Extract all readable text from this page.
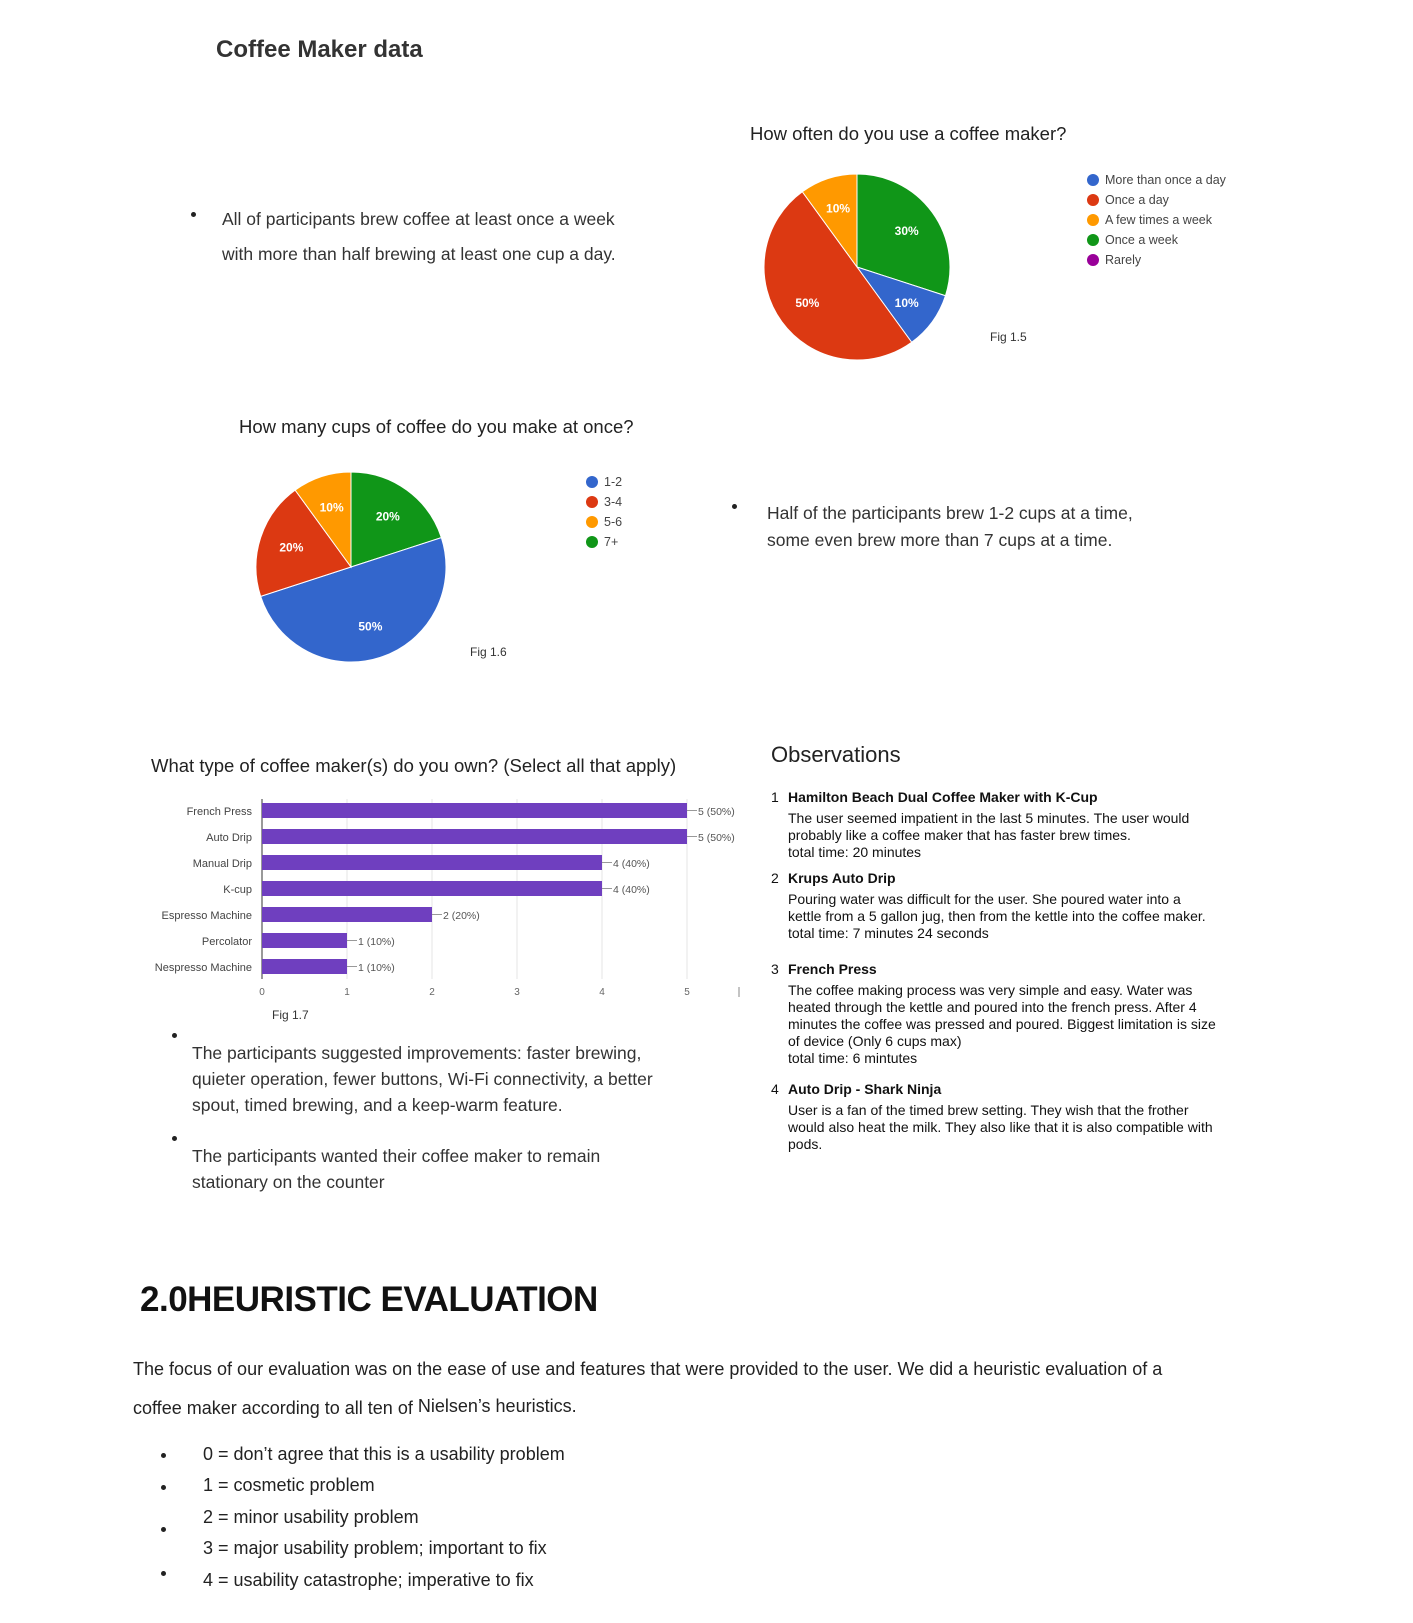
Coffee Maker data
All of participants brew coffee at least once a week
with more than half brewing at least one cup a day.
How often do you use a coffee maker?
30%
10%
50%
10%
More than once a day
Once a day
A few times a week
Once a week
Rarely
Fig 1.5
How many cups of coffee do you make at once?
20%
50%
20%
10%
1-2
3-4
5-6
7+
Fig 1.6
Half of the participants brew 1-2 cups at a time,
some even brew more than 7 cups at a time.
What type of coffee maker(s) do you own? (Select all that apply)
0	1	2	3	4	5
French Press	5 (50%)
Auto Drip	5 (50%)
Manual Drip	4 (40%)
K-cup	4 (40%)
Espresso Machine	2 (20%)
Percolator	1 (10%)
Nespresso Machine	1 (10%)
Fig 1.7
The participants suggested improvements: faster brewing,
quieter operation, fewer buttons, Wi-Fi connectivity, a better
spout, timed brewing, and a keep-warm feature.
The participants wanted their coffee maker to remain
stationary on the counter
Observations
1 Hamilton Beach Dual Coffee Maker with K-Cup
The user seemed impatient in the last 5 minutes. The user would
probably like a coffee maker that has faster brew times.
total time: 20 minutes
2 Krups Auto Drip
Pouring water was difficult for the user. She poured water into a
kettle from a 5 gallon jug, then from the kettle into the coffee maker.
total time: 7 minutes 24 seconds
3 French Press
The coffee making process was very simple and easy. Water was
heated through the kettle and poured into the french press. After 4
minutes the coffee was pressed and poured. Biggest limitation is size
of device (Only 6 cups max)
total time: 6 mintutes
4 Auto Drip - Shark Ninja
User is a fan of the timed brew setting. They wish that the frother
would also heat the milk. They also like that it is also compatible with
pods.
2.0HEURISTIC EVALUATION
The focus of our evaluation was on the ease of use and features that were provided to the user. We did a heuristic evaluation of a
coffee maker according to all ten of Nielsen’s heuristics.
0 = don’t agree that this is a usability problem
1 = cosmetic problem
2 = minor usability problem
3 = major usability problem; important to fix
4 = usability catastrophe; imperative to fix
